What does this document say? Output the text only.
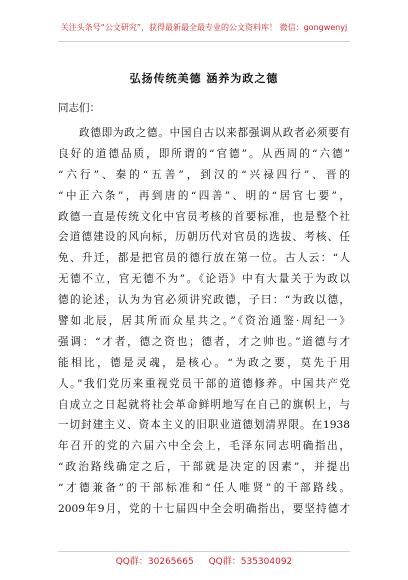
关注头条号“公文研究”，获得最新最全最专业的公文资料库！ 微信：gongwenyj
弘扬传统美德 涵养为政之德
同志们：
政德即为政之德。中国自古以来都强调从政者必须要有
良好的道德品质，即所谓的“官德”。从西周的“六德”
“六行”、秦的“五善”，到汉的“兴禄四行”、晋的
“中正六条”，再到唐的“四善”、明的“居官七要”，
政德一直是传统文化中官员考核的首要标准，也是整个社
会道德建设的风向标，历朝历代对官员的选拔、考核、任
免、升迁，都是把官员的德行放在第一位。古人云：“人
无德不立，官无德不为”。《论语》中有大量关于为政以
德的论述，认为为官必须讲究政德，子曰：“为政以德，
譬如北辰，居其所而众星共之。”《资治通鉴·周纪一》
强调：“才者，德之资也；德者，才之帅也。”道德与才
能相比，德是灵魂，是核心。“为政之要，莫先于用
人。”我们党历来重视党员干部的道德修养。中国共产党
自成立之日起就将社会革命鲜明地写在自己的旗帜上，与
一切封建主义、资本主义的旧职业道德划清界限。在1938
年召开的党的六届六中全会上，毛泽东同志明确指出，
“政治路线确定之后，干部就是决定的因素”，并提出
“才德兼备”的干部标准和“任人唯贤”的干部路线。
2009年9月，党的十七届四中全会明确指出，要坚持德才
QQ群：30265665 QQ群：535304092
